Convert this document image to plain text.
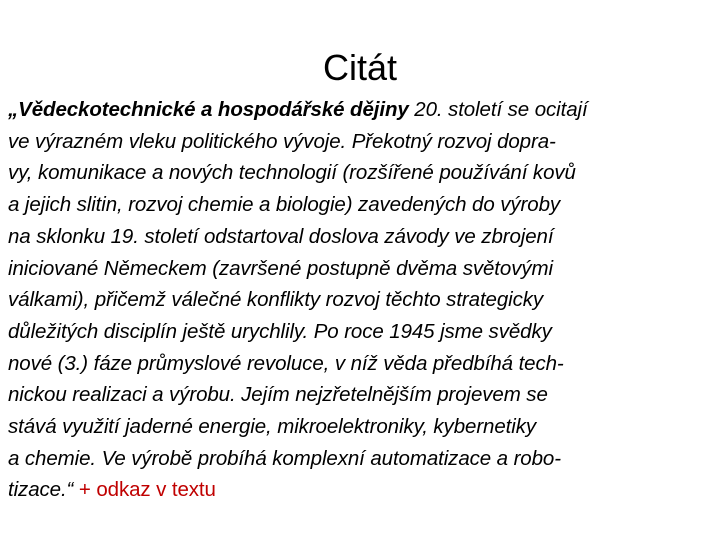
Citát
„Vědeckotechnické a hospodářské dějiny 20. století se ocitají
ve výrazném vleku politického vývoje. Překotný rozvoj dopra-
vy, komunikace a nových technologií (rozšířené používání kovů
a jejich slitin, rozvoj chemie a biologie) zavedených do výroby
na sklonku 19. století odstartoval doslova závody ve zbrojení
iniciované Německem (završené postupně dvěma světovými
válkami), přičemž válečné konflikty rozvoj těchto strategicky
důležitých disciplín ještě urychlily. Po roce 1945 jsme svědky
nové (3.) fáze průmyslové revoluce, v níž věda předbíhá tech-
nickou realizaci a výrobu. Jejím nejzřetelnějším projevem se
stává využití jaderné energie, mikroelektroniky, kybernetiky
a chemie. Ve výrobě probíhá komplexní automatizace a robo-
tizace.“ + odkaz v textu
